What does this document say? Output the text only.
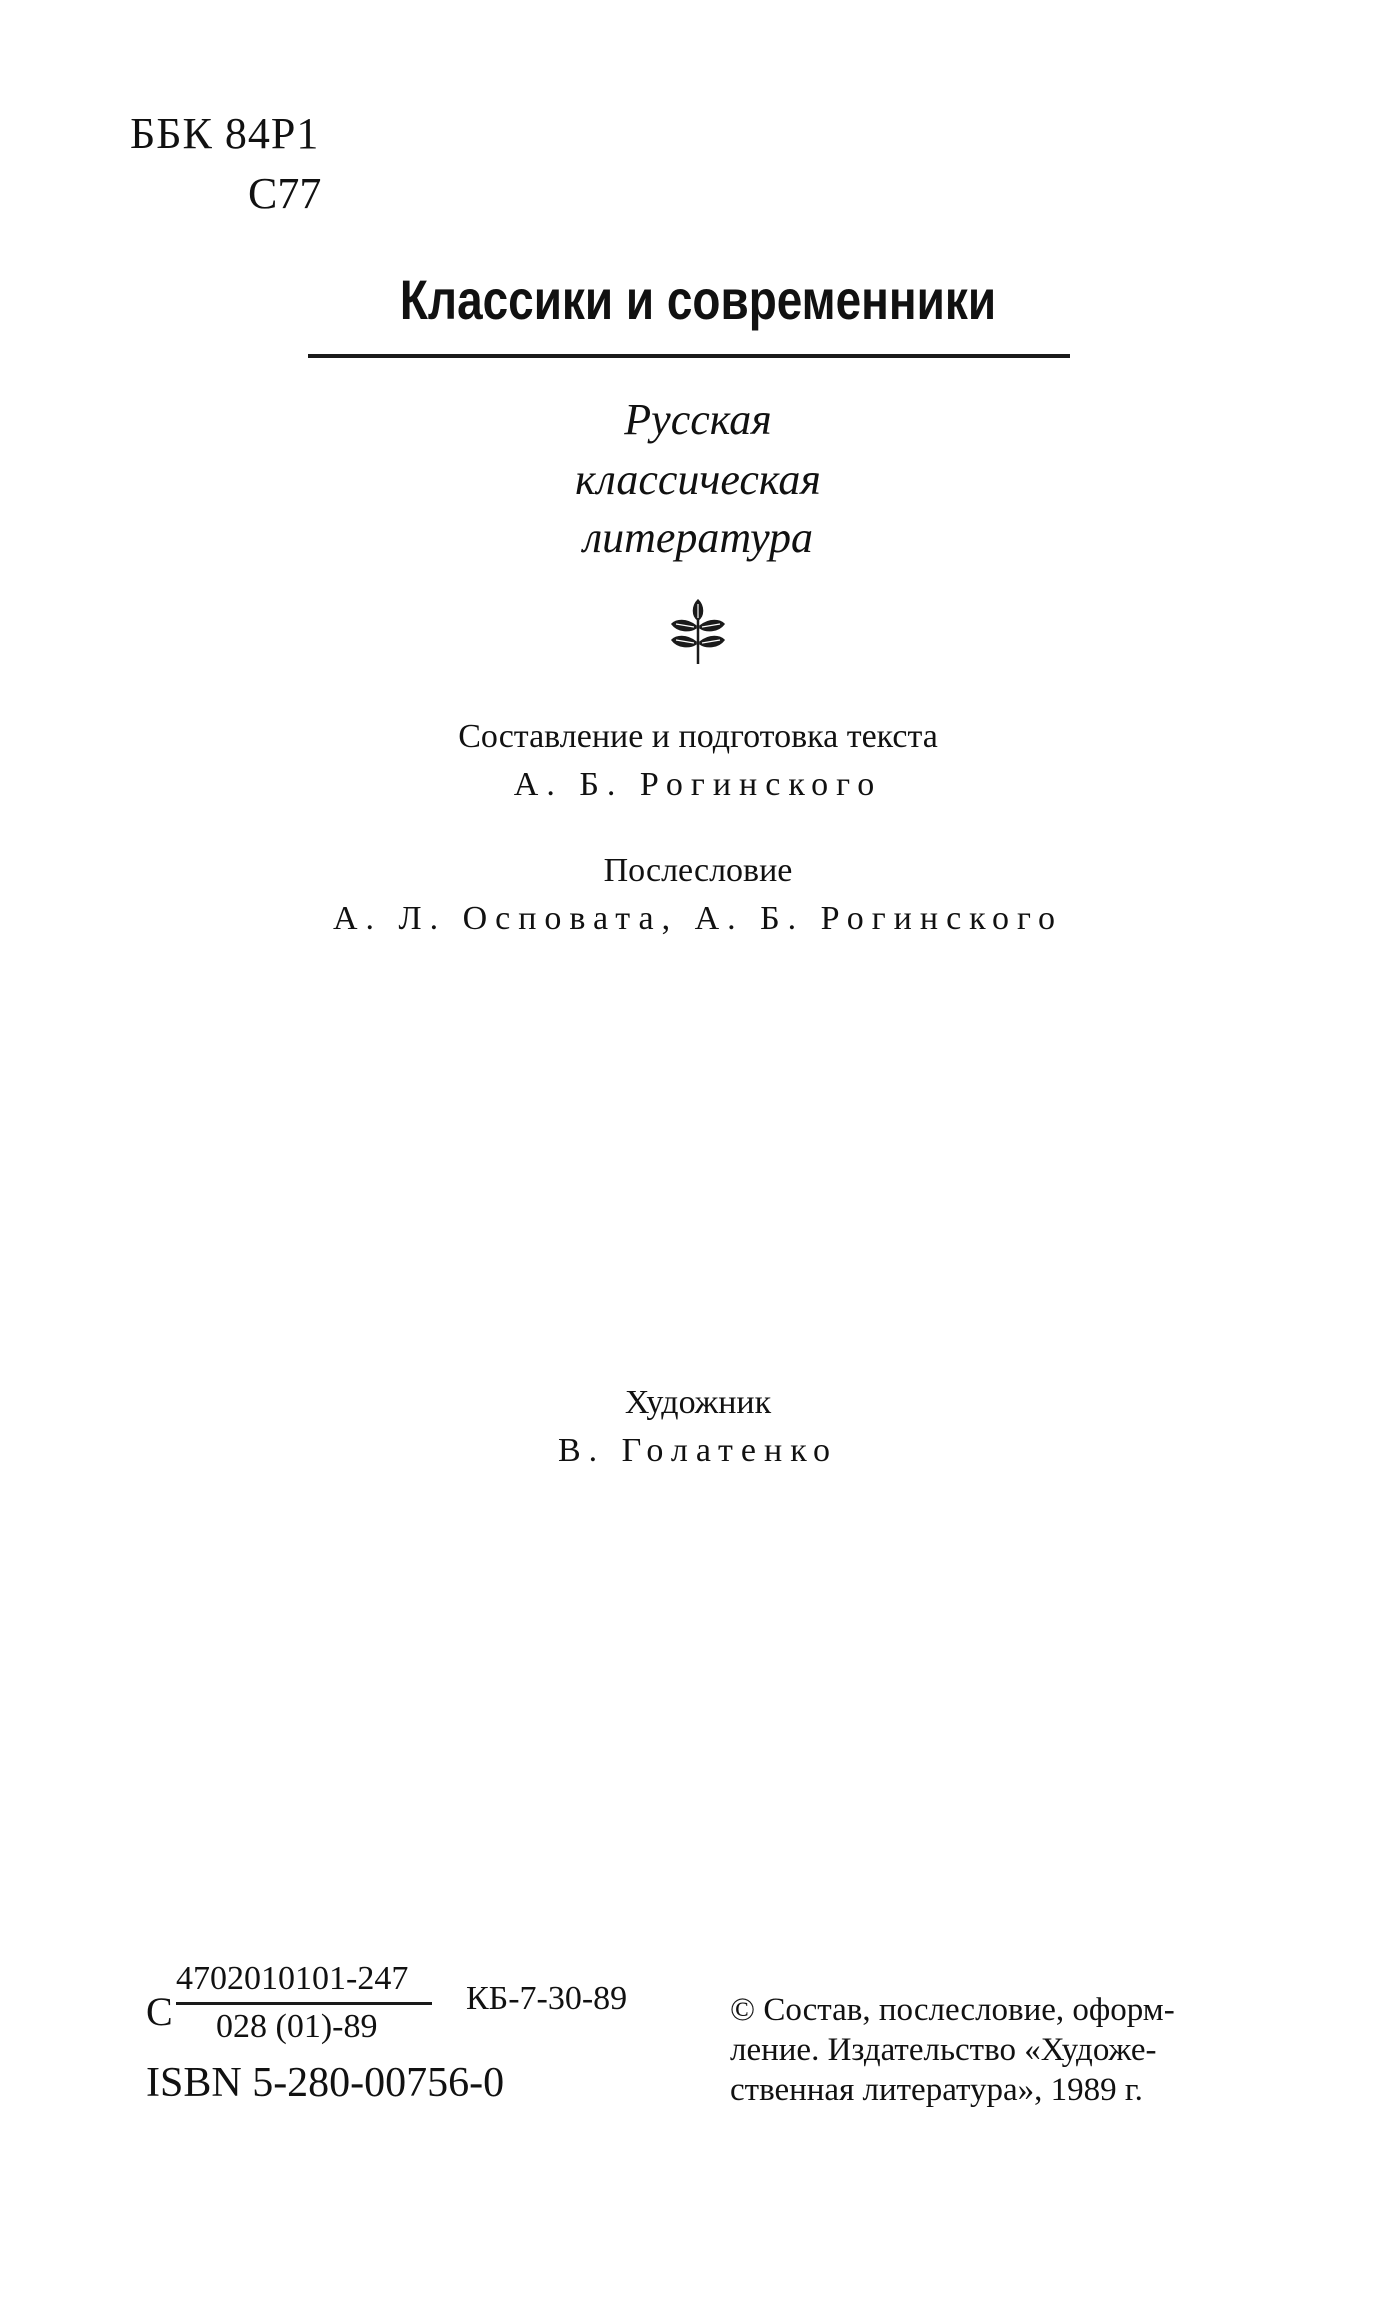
ББК 84Р1
С77
Классики и современники
Русская
классическая
литература
Составление и подготовка текста
А. Б. Рогинского
Послесловие
А. Л. Осповата, А. Б. Рогинского
Художник
В. Голатенко
С
4702010101-247
028 (01)-89
КБ-7-30-89
ISBN 5-280-00756-0
© Состав, послесловие, оформ-
ление. Издательство «Художе-
ственная литература», 1989 г.
